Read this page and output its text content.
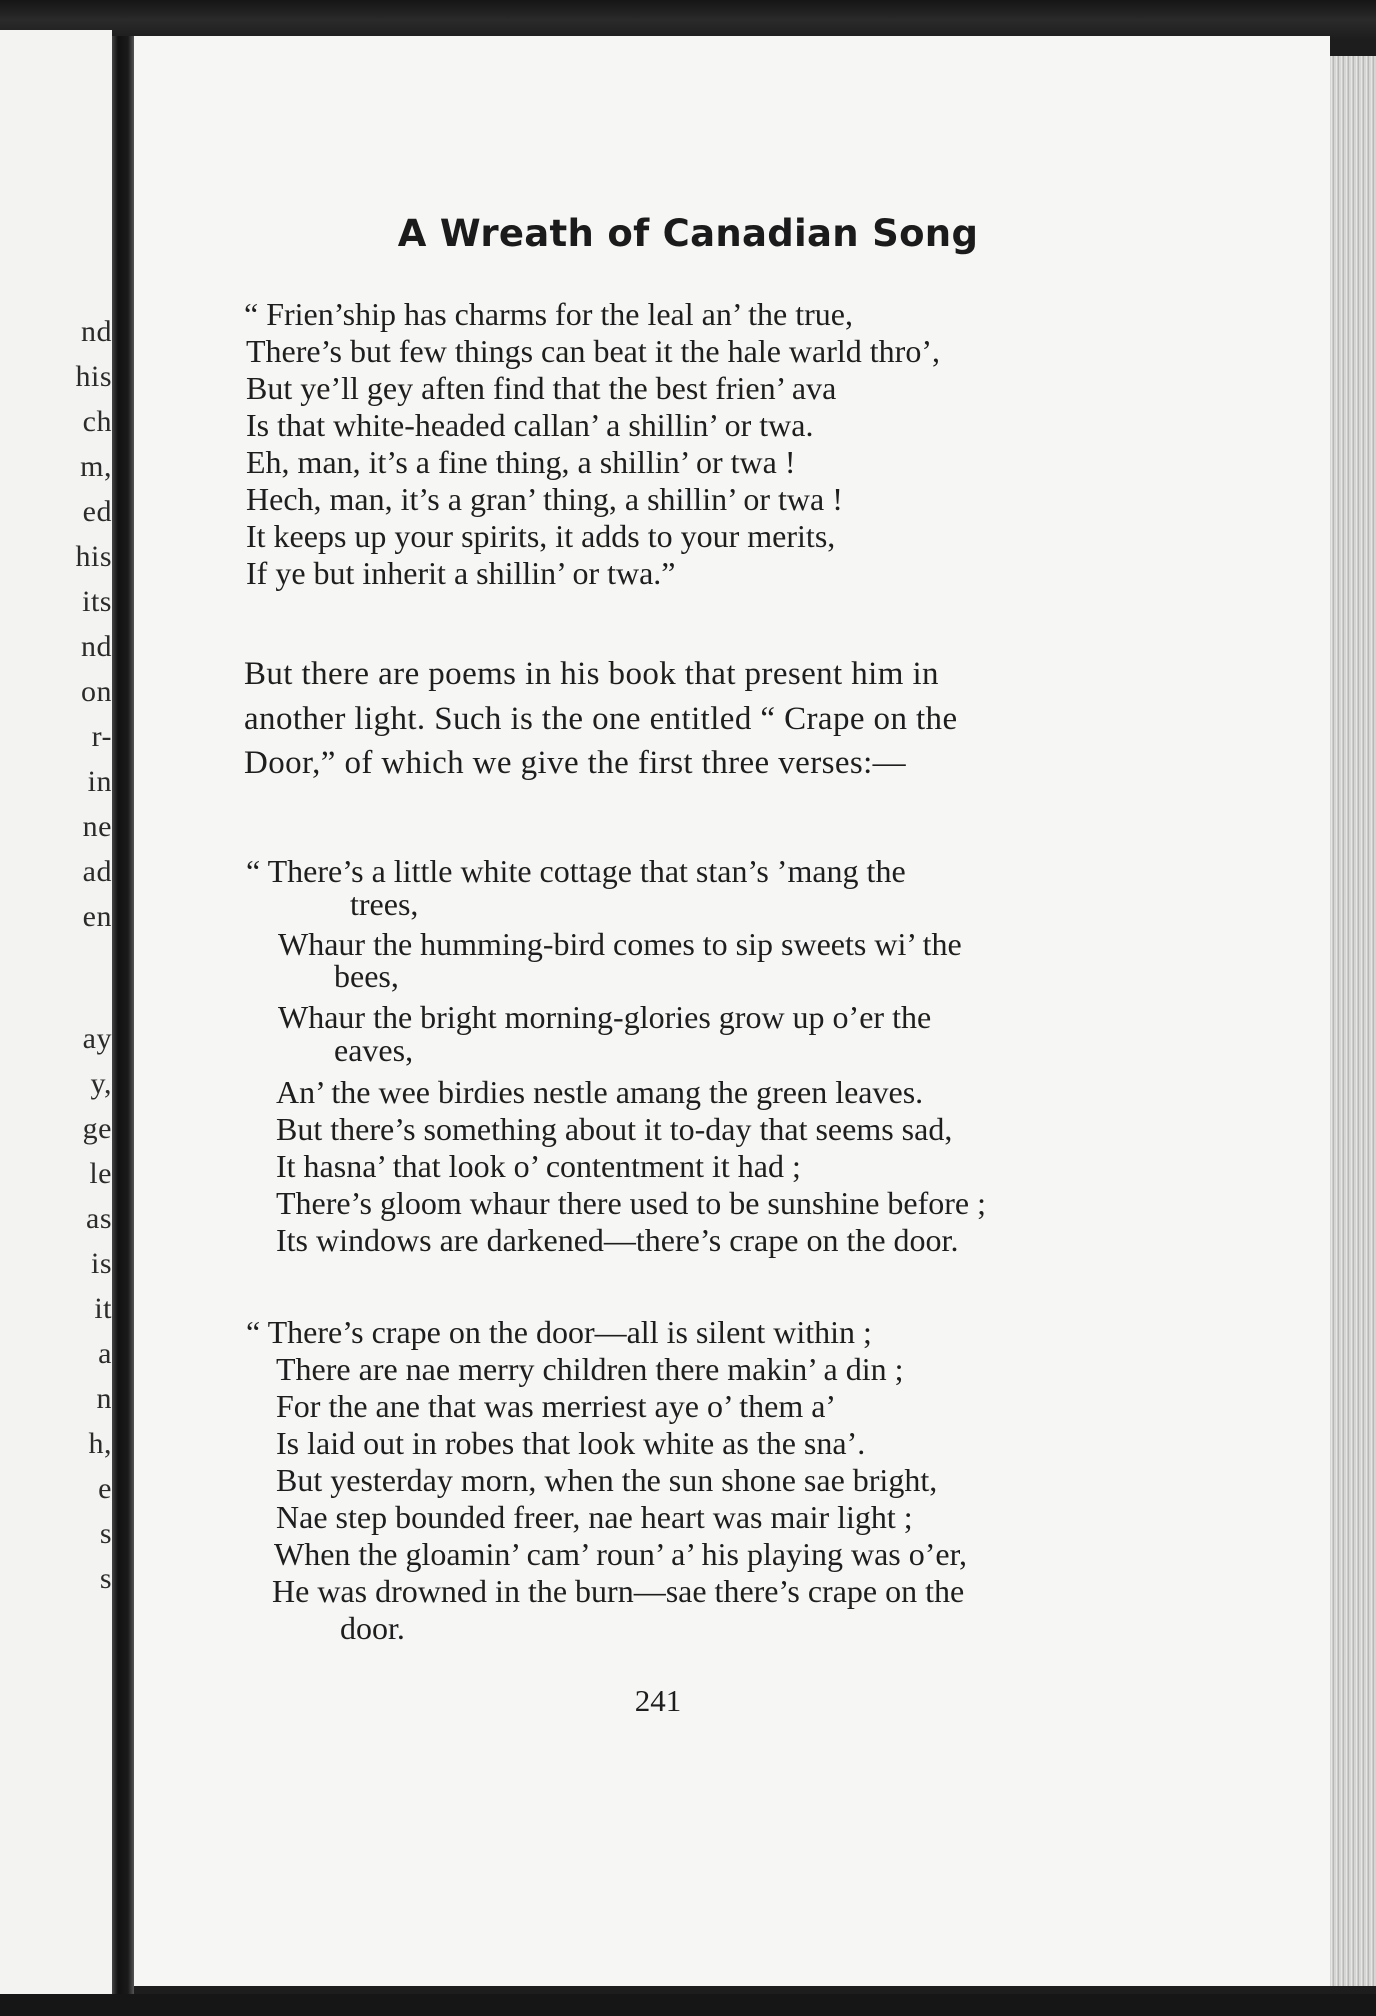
nd
his
ch
m,
ed
his
its
nd
on
r-
in
ne
ad
en
ay
y,
ge
le
as
is
it
a
n
h,
e
s
s
A Wreath of Canadian Song
“ Frien’ship has charms for the leal an’ the true,
There’s but few things can beat it the hale warld thro’,
But ye’ll gey aften find that the best frien’ ava
Is that white-headed callan’ a shillin’ or twa.
Eh, man, it’s a fine thing, a shillin’ or twa !
Hech, man, it’s a gran’ thing, a shillin’ or twa !
It keeps up your spirits, it adds to your merits,
If ye but inherit a shillin’ or twa.”
But there are poems in his book that present him in
another light. Such is the one entitled “ Crape on the
Door,” of which we give the first three verses:—
“ There’s a little white cottage that stan’s ’mang the
trees,
Whaur the humming-bird comes to sip sweets wi’ the
bees,
Whaur the bright morning-glories grow up o’er the
eaves,
An’ the wee birdies nestle amang the green leaves.
But there’s something about it to-day that seems sad,
It hasna’ that look o’ contentment it had ;
There’s gloom whaur there used to be sunshine before ;
Its windows are darkened—there’s crape on the door.
“ There’s crape on the door—all is silent within ;
There are nae merry children there makin’ a din ;
For the ane that was merriest aye o’ them a’
Is laid out in robes that look white as the sna’.
But yesterday morn, when the sun shone sae bright,
Nae step bounded freer, nae heart was mair light ;
When the gloamin’ cam’ roun’ a’ his playing was o’er,
He was drowned in the burn—sae there’s crape on the
door.
241
